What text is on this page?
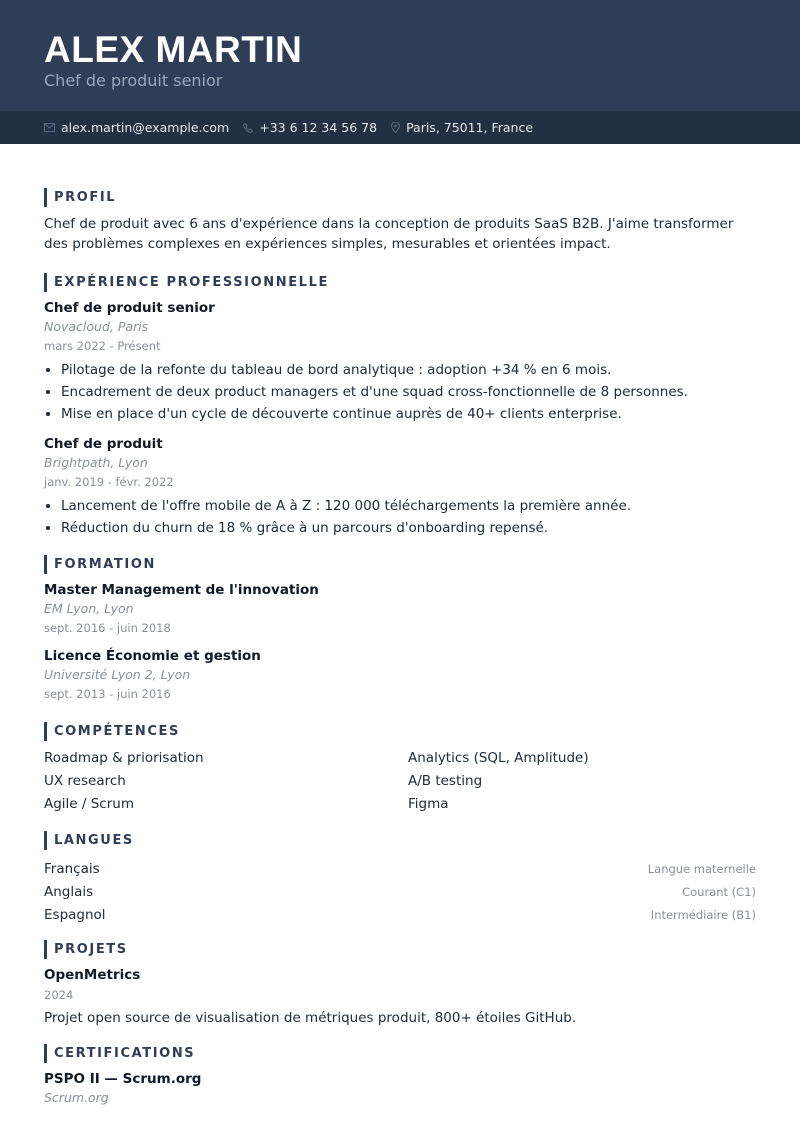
ALEX MARTIN
Chef de produit senior
alex.martin@example.com +33 6 12 34 56 78 Paris, 75011, France
PROFIL

Chef de produit avec 6 ans d'expérience dans la conception de produits SaaS B2B. J'aime transformer des problèmes complexes en expériences simples, mesurables et orientées impact.

EXPÉRIENCE PROFESSIONNELLE
Chef de produit senior
Novacloud, Paris
mars 2022 - Présent
• Pilotage de la refonte du tableau de bord analytique : adoption +34 % en 6 mois.
• Encadrement de deux product managers et d'une squad cross-fonctionnelle de 8 personnes.
• Mise en place d'un cycle de découverte continue auprès de 40+ clients enterprise.
Chef de produit
Brightpath, Lyon
janv. 2019 - févr. 2022
• Lancement de l'offre mobile de A à Z : 120 000 téléchargements la première année.
• Réduction du churn de 18 % grâce à un parcours d'onboarding repensé.
FORMATION
Master Management de l'innovation
EM Lyon, Lyon
sept. 2016 - juin 2018
Licence Économie et gestion
Université Lyon 2, Lyon
sept. 2013 - juin 2016
COMPÉTENCES
Roadmap & priorisation	Analytics (SQL, Amplitude)
UX research	A/B testing
Agile / Scrum	Figma
LANGUES
Français	Langue maternelle
Anglais	Courant (C1)
Espagnol	Intermédiaire (B1)
PROJETS
OpenMetrics
2024

Projet open source de visualisation de métriques produit, 800+ étoiles GitHub.

CERTIFICATIONS
PSPO II — Scrum.org
Scrum.org
